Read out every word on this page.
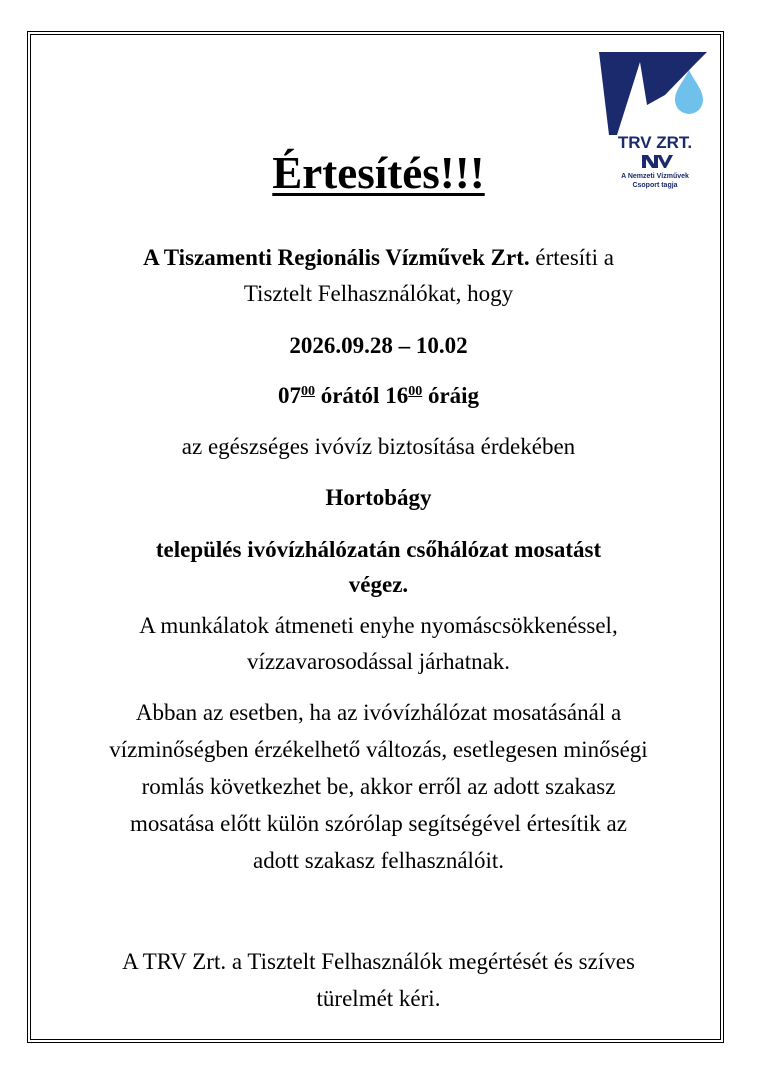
TRV ZRT.
A Nemzeti Vízművek
Csoport tagja
Értesítés!!!
A Tiszamenti Regionális Vízművek Zrt. értesíti a
Tisztelt Felhasználókat, hogy
2026.09.28 – 10.02
$07^{00}$ órától $16^{00}$ óráig
az egészséges ivóvíz biztosítása érdekében
Hortobágy
település ivóvízhálózatán csőhálózat mosatást
végez.
A munkálatok átmeneti enyhe nyomáscsökkenéssel,
vízzavarosodással járhatnak.
Abban az esetben, ha az ivóvízhálózat mosatásánál a
vízminőségben érzékelhető változás, esetlegesen minőségi
romlás következhet be, akkor erről az adott szakasz
mosatása előtt külön szórólap segítségével értesítik az
adott szakasz felhasználóit.
A TRV Zrt. a Tisztelt Felhasználók megértését és szíves
türelmét kéri.
